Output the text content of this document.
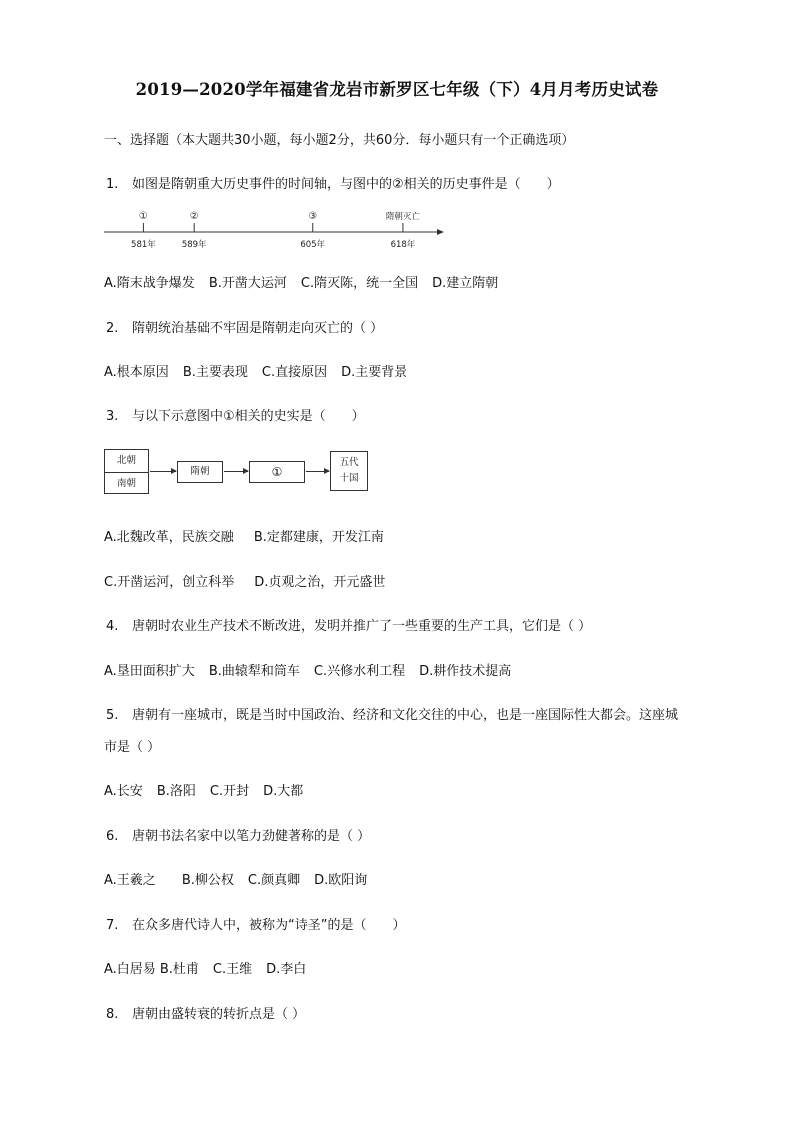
2019—2020学年福建省龙岩市新罗区七年级（下）4月月考历史试卷
一、选择题（本大题共30小题，每小题2分，共60分．每小题只有一个正确选项）
1. 如图是隋朝重大历史事件的时间轴，与图中的②相关的历史事件是（　　）
①
581年
②
589年
③
605年
隋朝灭亡
618年
A.隋末战争爆发 B.开凿大运河 C.隋灭陈，统一全国 D.建立隋朝
2. 隋朝统治基础不牢固是隋朝走向灭亡的（ ）
A.根本原因 B.主要表现 C.直接原因 D.主要背景
3. 与以下示意图中①相关的史实是（　　）
北朝
南朝
隋朝	①
五代
十国
A.北魏改革，民族交融 B.定都建康，开发江南
C.开凿运河，创立科举 D.贞观之治，开元盛世
4. 唐朝时农业生产技术不断改进，发明并推广了一些重要的生产工具，它们是（ ）
A.垦田面积扩大 B.曲辕犁和筒车 C.兴修水利工程 D.耕作技术提高
5. 唐朝有一座城市，既是当时中国政治、经济和文化交往的中心，也是一座国际性大都会。这座城
市是（ ）
A.长安 B.洛阳 C.开封 D.大都
6. 唐朝书法名家中以笔力劲健著称的是（ ）
A.王羲之 B.柳公权 C.颜真卿 D.欧阳询
7. 在众多唐代诗人中，被称为“诗圣”的是（　　）
A.白居易 B.杜甫 C.王维 D.李白
8. 唐朝由盛转衰的转折点是（ ）
